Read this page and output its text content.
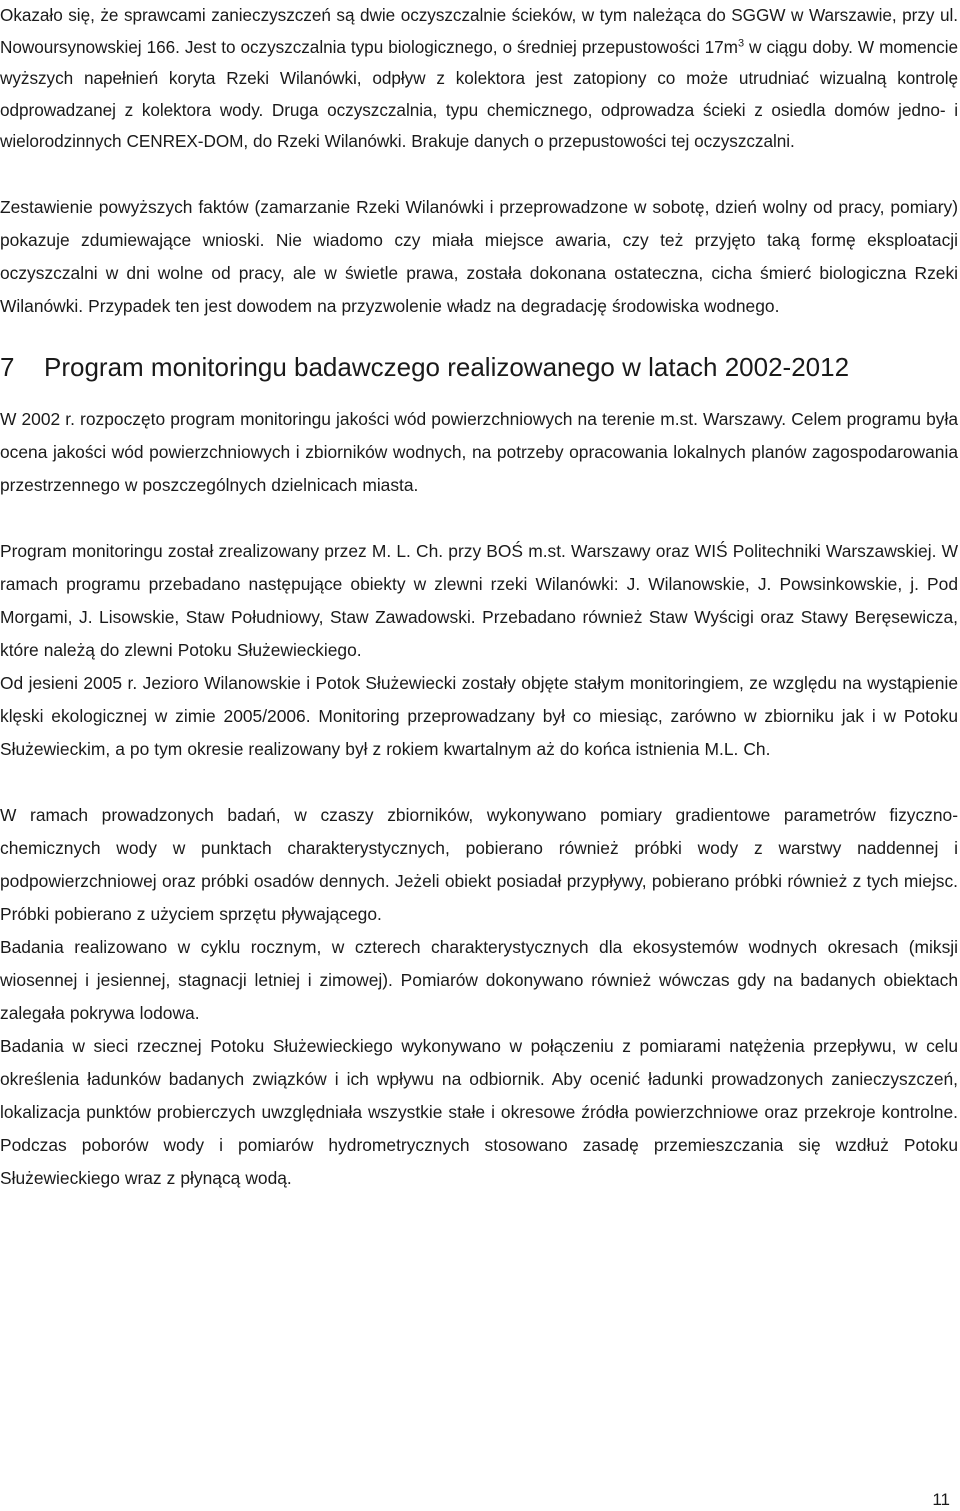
Okazało się, że sprawcami zanieczyszczeń są dwie oczyszczalnie ścieków, w tym należąca do SGGW w Warszawie, przy ul. Nowoursynowskiej 166. Jest to oczyszczalnia typu biologicznego, o średniej przepustowości $17m^3$ w ciągu doby. W momencie wyższych napełnień koryta Rzeki Wilanówki, odpływ z kolektora jest zatopiony co może utrudniać wizualną kontrolę odprowadzanej z kolektora wody. Druga oczyszczalnia, typu chemicznego, odprowadza ścieki z osiedla domów jedno- i wielorodzinnych CENREX-DOM, do Rzeki Wilanówki. Brakuje danych o przepustowości tej oczyszczalni.

Zestawienie powyższych faktów (zamarzanie Rzeki Wilanówki i przeprowadzone w sobotę, dzień wolny od pracy, pomiary) pokazuje zdumiewające wnioski. Nie wiadomo czy miała miejsce awaria, czy też przyjęto taką formę eksploatacji oczyszczalni w dni wolne od pracy, ale w świetle prawa, została dokonana ostateczna, cicha śmierć biologiczna Rzeki Wilanówki. Przypadek ten jest dowodem na przyzwolenie władz na degradację środowiska wodnego.

7	Program monitoringu badawczego realizowanego w latach 2002-2012

W 2002 r. rozpoczęto program monitoringu jakości wód powierzchniowych na terenie m.st. Warszawy. Celem programu była ocena jakości wód powierzchniowych i zbiorników wodnych, na potrzeby opracowania lokalnych planów zagospodarowania przestrzennego w poszczególnych dzielnicach miasta.

Program monitoringu został zrealizowany przez M. L. Ch. przy BOŚ m.st. Warszawy oraz WIŚ Politechniki Warszawskiej. W ramach programu przebadano następujące obiekty w zlewni rzeki Wilanówki: J. Wilanowskie, J. Powsinkowskie, j. Pod Morgami, J. Lisowskie, Staw Południowy, Staw Zawadowski. Przebadano również Staw Wyścigi oraz Stawy Beręsewicza, które należą do zlewni Potoku Służewieckiego.

Od jesieni 2005 r. Jezioro Wilanowskie i Potok Służewiecki zostały objęte stałym monitoringiem, ze względu na wystąpienie klęski ekologicznej w zimie 2005/2006. Monitoring przeprowadzany był co miesiąc, zarówno w zbiorniku jak i w Potoku Służewieckim, a po tym okresie realizowany był z rokiem kwartalnym aż do końca istnienia M.L. Ch.

W ramach prowadzonych badań, w czaszy zbiorników, wykonywano pomiary gradientowe parametrów fizyczno-chemicznych wody w punktach charakterystycznych, pobierano również próbki wody z warstwy naddennej i podpowierzchniowej oraz próbki osadów dennych. Jeżeli obiekt posiadał przypływy, pobierano próbki również z tych miejsc. Próbki pobierano z użyciem sprzętu pływającego.

Badania realizowano w cyklu rocznym, w czterech charakterystycznych dla ekosystemów wodnych okresach (miksji wiosennej i jesiennej, stagnacji letniej i zimowej). Pomiarów dokonywano również wówczas gdy na badanych obiektach zalegała pokrywa lodowa.

Badania w sieci rzecznej Potoku Służewieckiego wykonywano w połączeniu z pomiarami natężenia przepływu, w celu określenia ładunków badanych związków i ich wpływu na odbiornik. Aby ocenić ładunki prowadzonych zanieczyszczeń, lokalizacja punktów probierczych uwzględniała wszystkie stałe i okresowe źródła powierzchniowe oraz przekroje kontrolne. Podczas poborów wody i pomiarów hydrometrycznych stosowano zasadę przemieszczania się wzdłuż Potoku Służewieckiego wraz z płynącą wodą.

11
